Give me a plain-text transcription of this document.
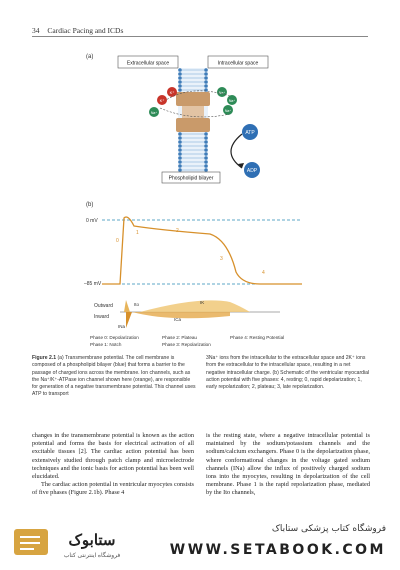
34 Cardiac Pacing and ICDs
(a)
Extracellular space	Intracellular space
K⁺
K⁺
Na⁺
Na⁺
Na⁺
Na⁺
ATP
ADP
Phospholipid bilayer
(b)
0 mV
–85 mV
0
1	2
3
4
Outward
Inward
IK
Ito
ICa
INa
Phase 0: Depolarization
Phase 1: Notch
Phase 2: Plateau
Phase 3: Repolarization
Phase 4: Resting Potential
Figure 2.1 (a) Transmembrane potential. The cell membrane is composed of a phospholipid bilayer (blue) that forms a barrier to the passage of charged ions across the membrane. Ion channels, such as the Na⁺/K⁺-ATPase ion channel shown here (orange), are responsible for generation of a negative transmembrane potential. This channel uses ATP to transport
3Na⁺ ions from the intracellular to the extracellular space and 2K⁺ ions from the extracellular to the intracellular space, resulting in a net negative intracellular charge. (b) Schematic of the ventricular myocardial action potential with five phases: 4, resting; 0, rapid depolarization; 1, early repolarization; 2, plateau; 3, late repolarization.

changes in the transmembrane potential is known as the action potential and forms the basis for electrical activation of all excitable tissues [2]. The cardiac action potential has been extensively studied through patch clamp and microelectrode techniques and the ionic basis for action potential has been well elucidated.

The cardiac action potential in ventricular myocytes consists of five phases (Figure 2.1b). Phase 4

is the resting state, where a negative intracellular potential is maintained by the sodium/potassium channels and the sodium/calcium exchangers. Phase 0 is the depolarization phase, where conformational changes in the voltage gated sodium channels (INa) allow the influx of positively charged sodium ions into the myocytes, resulting in depolarization of the cell membrane. Phase 1 is the rapid repolarization phase, mediated by the Ito channels,

ستابوک
فروشگاه اینترنتی کتاب
فروشگاه کتاب پزشکی ستاباک
WWW.SETABOOK.COM
